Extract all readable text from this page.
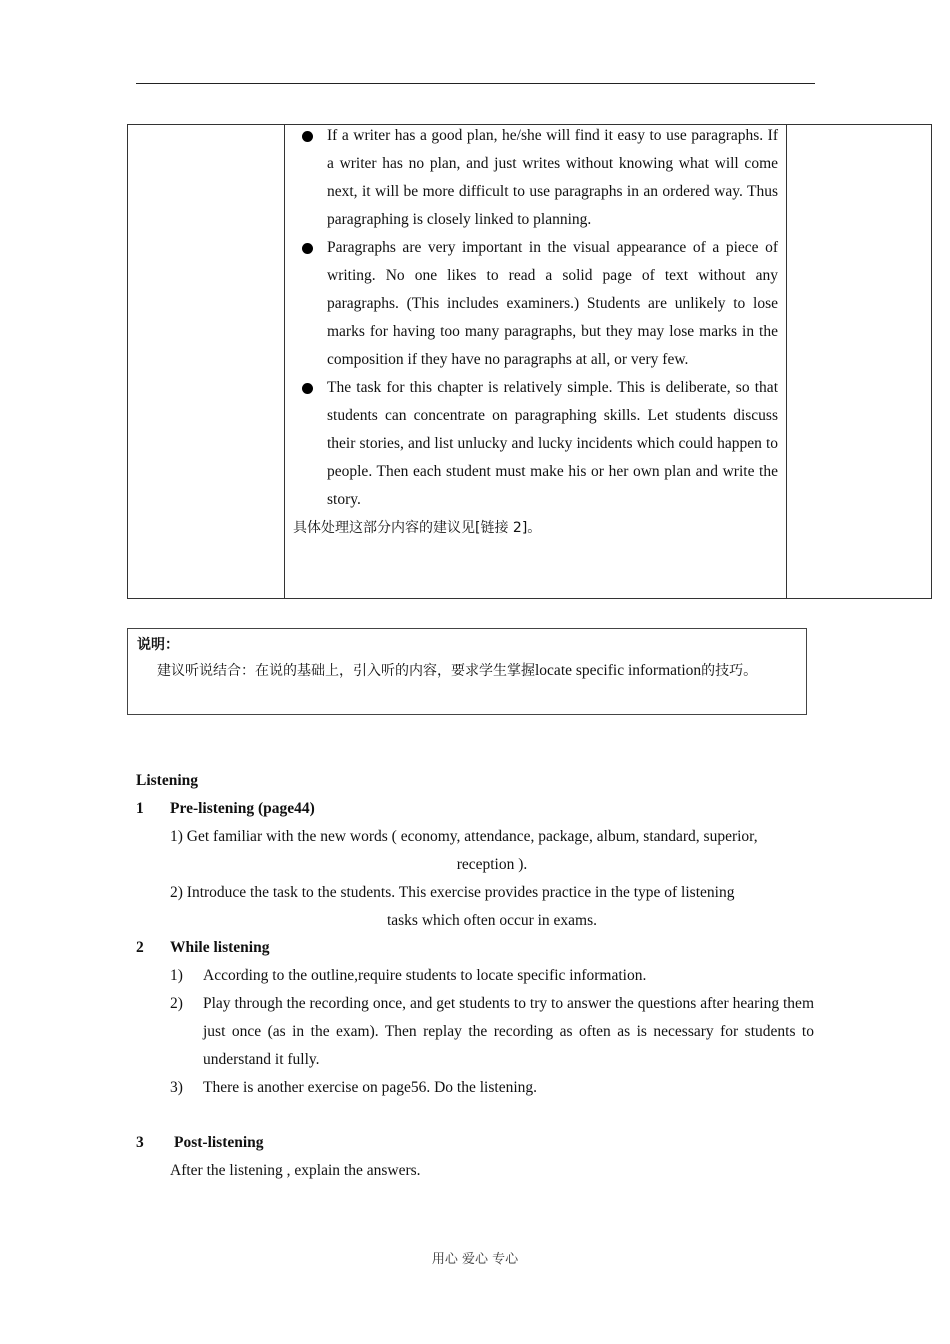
If a writer has a good plan, he/she will find it easy to use paragraphs. If a writer has no plan, and just writes without knowing what will come next, it will be more difficult to use paragraphs in an ordered way. Thus paragraphing is closely linked to planning.
Paragraphs are very important in the visual appearance of a piece of writing. No one likes to read a solid page of text without any paragraphs. (This includes examiners.) Students are unlikely to lose marks for having too many paragraphs, but they may lose marks in the composition if they have no paragraphs at all, or very few.
The task for this chapter is relatively simple. This is deliberate, so that students can concentrate on paragraphing skills. Let students discuss their stories, and list unlucky and lucky incidents which could happen to people. Then each student must make his or her own plan and write the story.
具体处理这部分内容的建议见[链接 2]。
说明：
建议听说结合：在说的基础上，引入听的内容，要求学生掌握locate specific information的技巧。
Listening
1 Pre-listening (page44)
1) Get familiar with the new words ( economy, attendance, package, album, standard, superior,
reception ).
2) Introduce the task to the students. This exercise provides practice in the type of listening
tasks which often occur in exams.
2 While listening
1) According to the outline,require students to locate specific information.
2) Play through the recording once, and get students to try to answer the questions after hearing them just once (as in the exam). Then replay the recording as often as is necessary for students to understand it fully.
3) There is another exercise on page56. Do the listening.
3 Post-listening
After the listening , explain the answers.
用心 爱心 专心
